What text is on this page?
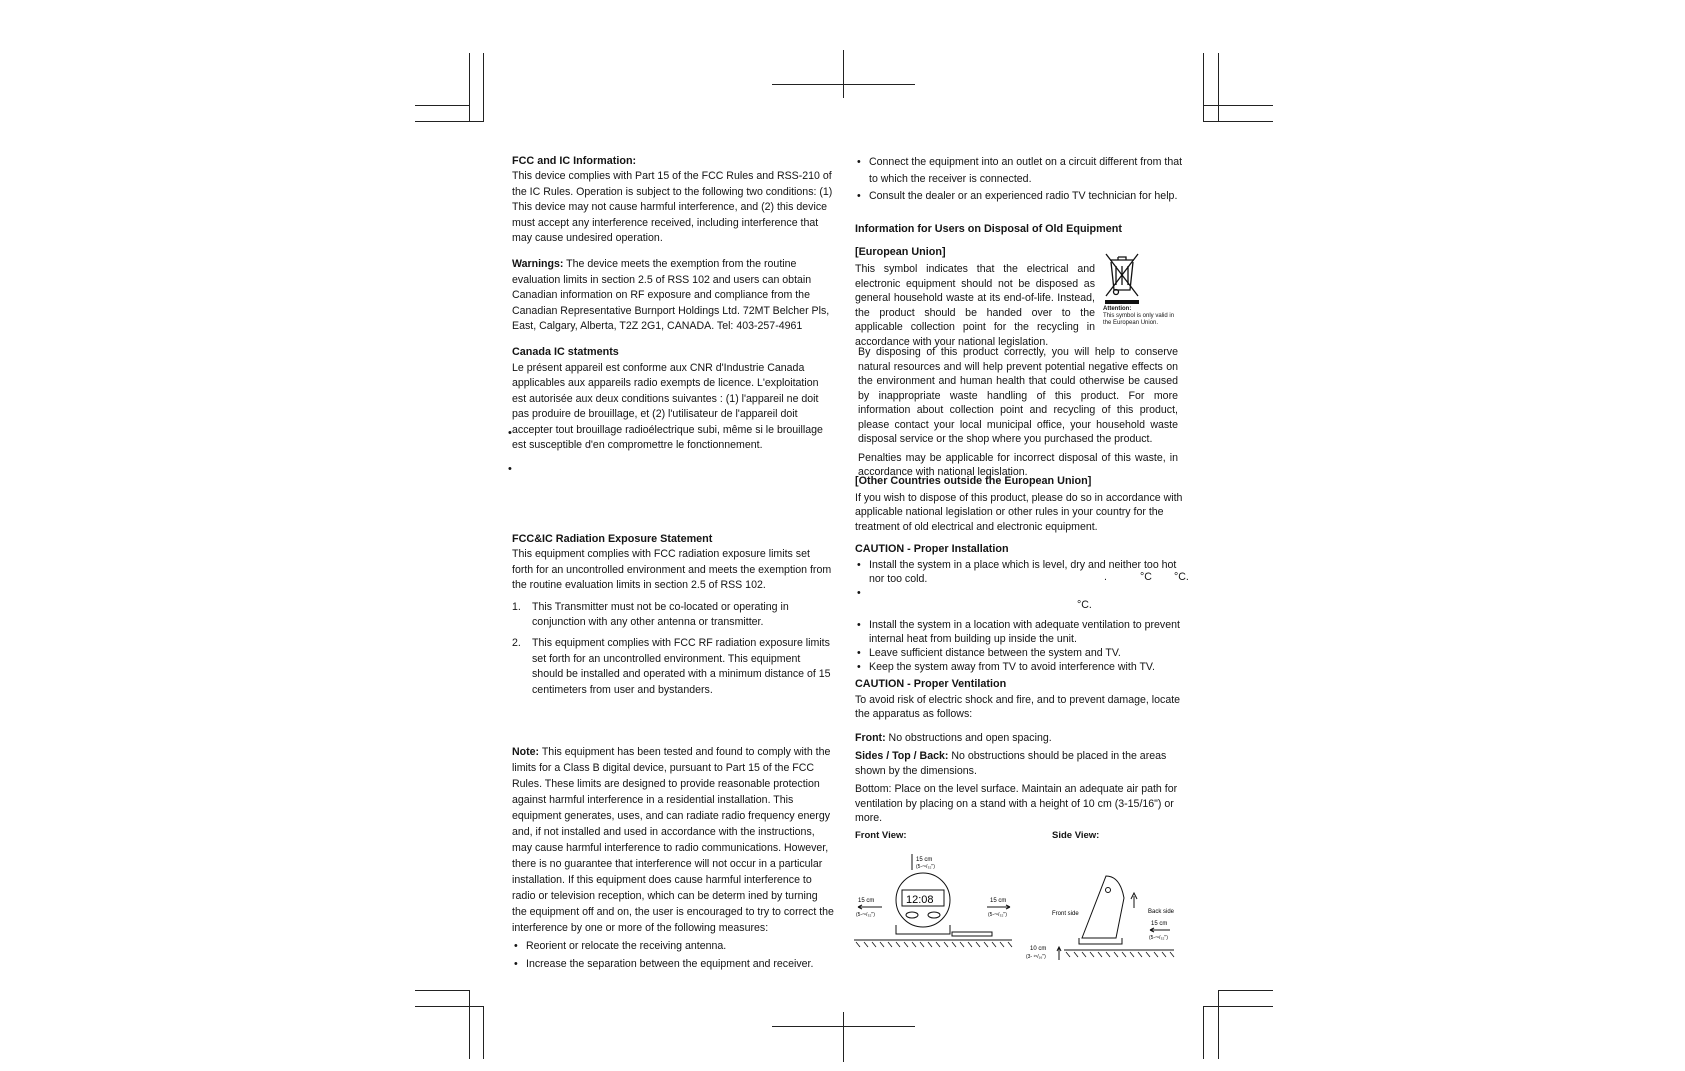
FCC and IC Information:

This device complies with Part 15 of the FCC Rules and RSS-210 of the IC Rules. Operation is subject to the following two conditions: (1) This device may not cause harmful interference, and (2) this device must accept any interference received, including interference that may cause undesired operation.

Warnings: The device meets the exemption from the routine evaluation limits in section 2.5 of RSS 102 and users can obtain Canadian information on RF exposure and compliance from the Canadian Representative Burnport Holdings Ltd. 72MT Belcher Pls, East, Calgary, Alberta, T2Z 2G1, CANADA. Tel: 403-257-4961

Canada IC statments

Le présent appareil est conforme aux CNR d'Industrie Canada applicables aux appareils radio exempts de licence. L'exploitation est autorisée aux deux conditions suivantes : (1) l'appareil ne doit pas produire de brouillage, et (2) l'utilisateur de l'appareil doit accepter tout brouillage radioélectrique subi, même si le brouillage est susceptible d'en compromettre le fonctionnement.

•
•

FCC&IC Radiation Exposure Statement

This equipment complies with FCC radiation exposure limits set forth for an uncontrolled environment and meets the exemption from the routine evaluation limits in section 2.5 of RSS 102.

1. This Transmitter must not be co-located or operating in conjunction with any other antenna or transmitter.

2. This equipment complies with FCC RF radiation exposure limits set forth for an uncontrolled environment. This equipment should be installed and operated with a minimum distance of 15 centimeters from user and bystanders.

Note: This equipment has been tested and found to comply with the limits for a Class B digital device, pursuant to Part 15 of the FCC Rules. These limits are designed to provide reasonable protection against harmful interference in a residential installation. This equipment generates, uses, and can radiate radio frequency energy and, if not installed and used in accordance with the instructions, may cause harmful interference to radio communications. However, there is no guarantee that interference will not occur in a particular installation. If this equipment does cause harmful interference to radio or television reception, which can be determ ined by turning the equipment off and on, the user is encouraged to try to correct the interference by one or more of the following measures:

• Reorient or relocate the receiving antenna.

• Increase the separation between the equipment and receiver.

• Connect the equipment into an outlet on a circuit different from that to which the receiver is connected.

• Consult the dealer or an experienced radio TV technician for help.

Information for Users on Disposal of Old Equipment

[European Union]

This symbol indicates that the electrical and electronic equipment should not be disposed as general household waste at its end-of-life. Instead, the product should be handed over to the applicable collection point for the recycling in accordance with your national legislation.

Attention:
This symbol is only valid in the European Union.

By disposing of this product correctly, you will help to conserve natural resources and will help prevent potential negative effects on the environment and human health that could otherwise be caused by inappropriate waste handling of this product. For more information about collection point and recycling of this product, please contact your local municipal office, your household waste disposal service or the shop where you purchased the product.

Penalties may be applicable for incorrect disposal of this waste, in accordance with national legislation.

[Other Countries outside the European Union]

If you wish to dispose of this product, please do so in accordance with applicable national legislation or other rules in your country for the treatment of old electrical and electronic equipment.

CAUTION - Proper Installation

• Install the system in a place which is level, dry and neither too hot nor too cold.

•

• Install the system in a location with adequate ventilation to prevent internal heat from building up inside the unit.

• Leave sufficient distance between the system and TV.

• Keep the system away from TV to avoid interference with TV.

.	°C °C.
°C.

CAUTION - Proper Ventilation

To avoid risk of electric shock and fire, and to prevent damage, locate the apparatus as follows:

Front: No obstructions and open spacing.

Sides / Top / Back: No obstructions should be placed in the areas shown by the dimensions.

Bottom: Place on the level surface. Maintain an adequate air path for ventilation by placing on a stand with a height of 10 cm (3-15/16") or more.

Front View:	Side View:
15 cm
(5-⁷⁹/₃₂")
12:08
15 cm
(5-⁷⁹/₃₂")
15 cm
(5-⁷⁹/₃₂")	Front side	Back side
15 cm
(5-⁷⁹/₃₂")
10 cm
(3- ¹⁵/₁₆")
